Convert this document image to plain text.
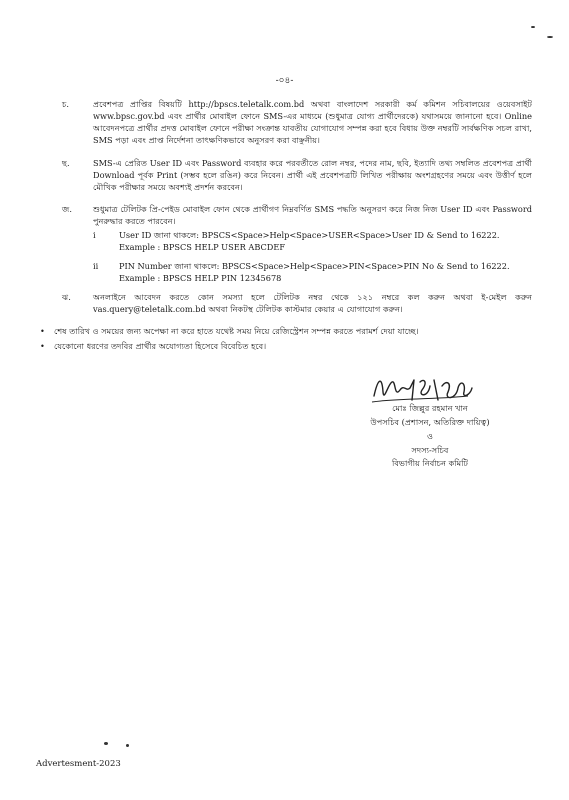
-০৪-
চ.	প্রবেশপত্র প্রাপ্তির বিষয়টি http://bpscs.teletalk.com.bd অথবা বাংলাদেশ সরকারী কর্ম কমিশন সচিবালয়ের ওয়েবসাইট www.bpsc.gov.bd এবং প্রার্থীর মোবাইল ফোনে SMS-এর মাধ্যমে (শুধুমাত্র যোগ্য প্রার্থীদেরকে) যথাসময়ে জানানো হবে। Online আবেদনপত্রে প্রার্থীর প্রদত্ত মোবাইল ফোনে পরীক্ষা সংক্রান্ত যাবতীয় যোগাযোগ সম্পন্ন করা হবে বিধায় উক্ত নম্বরটি সার্বক্ষণিক সচল রাখা, SMS পড়া এবং প্রাপ্ত নির্দেশনা তাৎক্ষণিকভাবে অনুসরণ করা বাঞ্ছনীয়।
ছ.	SMS-এ প্রেরিত User ID এবং Password ব্যবহার করে পরবর্তীতে রোল নম্বর, পদের নাম, ছবি, ইত্যাদি তথ্য সম্বলিত প্রবেশপত্র প্রার্থী Download পূর্বক Print (সম্ভব হলে রঙিন) করে নিবেন। প্রার্থী এই প্রবেশপত্রটি লিখিত পরীক্ষায় অংশগ্রহণের সময়ে এবং উত্তীর্ণ হলে মৌখিক পরীক্ষার সময়ে অবশ্যই প্রদর্শন করবেন।
জ.	শুধুমাত্র টেলিটক প্রি-পেইড মোবাইল ফোন থেকে প্রার্থীগণ নিম্নবর্ণিত SMS পদ্ধতি অনুসরণ করে নিজ নিজ User ID এবং Password পুনরুদ্ধার করতে পারবেন।
i	User ID জানা থাকলে: BPSCS<Space>Help<Space>USER<Space>User ID & Send to 16222.
Example : BPSCS HELP USER ABCDEF
ii	PIN Number জানা থাকলে: BPSCS<Space>Help<Space>PIN<Space>PIN No & Send to 16222.
Example : BPSCS HELP PIN 12345678
ঝ.	অনলাইনে আবেদন করতে কোন সমস্যা হলে টেলিটক নম্বর থেকে ১২১ নম্বরে কল করুন অথবা ই-মেইল করুন vas.query@teletalk.com.bd অথবা নিকটস্থ টেলিটক কাস্টমার কেয়ার এ যোগাযোগ করুন।
• শেষ তারিখ ও সময়ের জন্য অপেক্ষা না করে হাতে যথেষ্ট সময় নিয়ে রেজিস্ট্রেশন সম্পন্ন করতে পরামর্শ দেয়া যাচ্ছে।
• যেকোনো ধরণের তদবির প্রার্থীর অযোগ্যতা হিসেবে বিবেচিত হবে।
মোঃ জিল্লুর রহমান খান
উপসচিব (প্রশাসন, অতিরিক্ত দায়িত্ব)
ও
সদস্য-সচিব
বিভাগীয় নির্বাচন কমিটি
Advertesment-2023
